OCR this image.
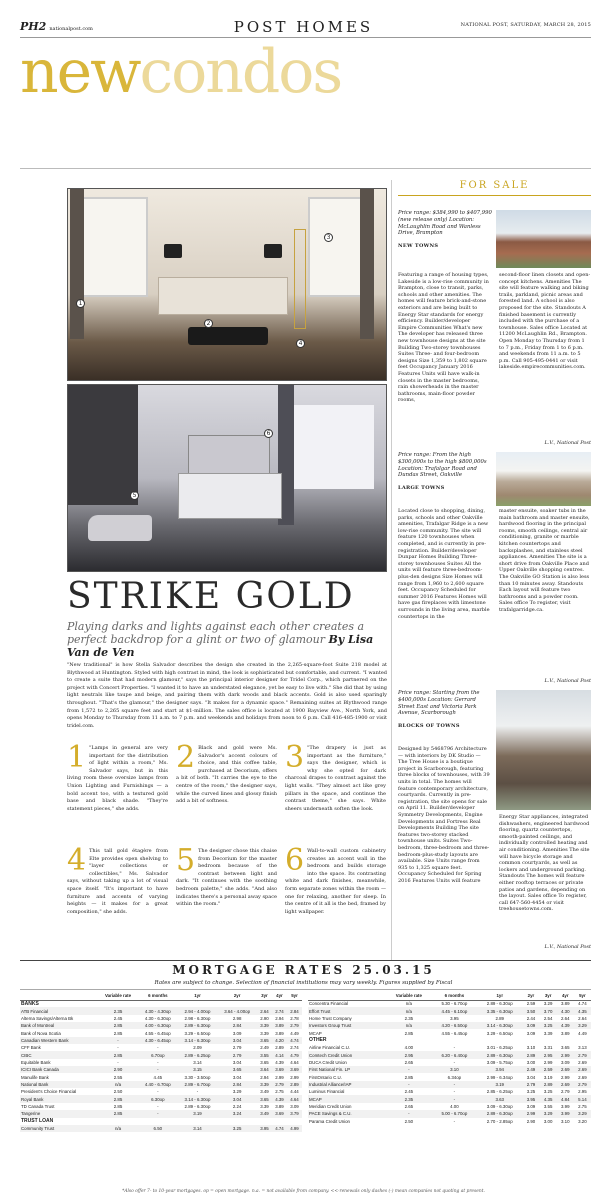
PH2 nationalpost.com	POST HOMES	NATIONAL POST, SATURDAY, MARCH 28, 2015
newcondos
FOR SALE
1
2
3
4
5
6
STRIKE GOLD
Playing darks and lights against each other creates a perfect backdrop for a glint or two of glamour By Lisa Van de Ven

"New traditional" is how Stella Salvador describes the design she created in the 2,265-square-foot Suite 218 model at Blythwood at Huntington. Styled with high contrast in mind, the look is sophisticated but comfortable, and current. "I wanted to create a suite that had modern glamour," says the principal interior designer for Tridel Corp., which partnered on the project with Concert Properties. "I wanted it to have an understated elegance, yet be easy to live with." She did that by using light neutrals like taupe and beige, and pairing them with dark woods and black accents. Gold is also used sparingly throughout. "That's the glamour," the designer says. "It makes for a dynamic space." Remaining suites at Blythwood range from 1,572 to 2,265 square feet and start at $1-million. The sales office is located at 1900 Bayview Ave., North York, and opens Monday to Thursday from 11 a.m. to 7 p.m. and weekends and holidays from noon to 6 p.m. Call 416-485-1900 or visit tridel.com.

1 "Lamps in general are very important for the distribution of light within a room," Ms. Salvador says, but in this living room these oversize lamps from Union Lighting and Furnishings — a bold accent too, with a textured gold base and black shade. "They're statement pieces," she adds.
2 Black and gold were Ms. Salvador's accent colours of choice, and this coffee table, purchased at Decorium, offers a bit of both. "It carries the eye to the centre of the room," the designer says, while the curved lines and glossy finish add a bit of softness.
3 "The drapery is just as important as the furniture," says the designer, which is why she opted for dark charcoal drapes to contrast against the light walls. "They almost act like grey pillars in the space, and continue the contrast theme," she says. White sheers underneath soften the look.
4 This tall gold étagère from Elte provides open shelving to "layer collections or collectibles," Ms. Salvador says, without taking up a lot of visual space itself. "It's important to have furniture and accents of varying heights — it makes for a great composition," she adds.
5 The designer chose this chaise from Decorium for the master bedroom because of the contrast between light and dark. "It continues with the soothing bedroom palette," she adds. "And also indicates there's a personal away space within the room."
6 Wall-to-wall custom cabinetry creates an accent wall in the bedroom and builds storage into the space. Its contrasting white and dark finishes, meanwhile, form separate zones within the room — one for relaxing, another for sleep. In the centre of it all is the bed, framed by light wallpaper.
Price range: $384,990 to $407,990 (new release only) Location: McLaughlin Road and Wanless Drive, Brampton
NEW TOWNS
Featuring a range of housing types, Lakeside is a low-rise community in Brampton, close to transit, parks, schools and other amenities. The homes will feature brick-and-stone exteriors and are being built to Energy Star standards for energy efficiency. Builder/developer Empire Communities What's new The developer has released three new townhouse designs at the site Building Two-storey townhouses Suites Three- and four-bedroom designs Size 1,359 to 1,802 square feet Occupancy January 2016 Features Units will have walk-in closets in the master bedrooms, rain showerheads in the master bathrooms, main-floor powder rooms,
second-floor linen closets and open-concept kitchens. Amenities The site will feature walking and biking trails, parkland, picnic areas and forested land. A school is also proposed for the site. Standouts A finished basement is currently included with the purchase of a townhouse. Sales office Located at 11200 McLaughlin Rd., Brampton. Open Monday to Thursday from 1 to 7 p.m., Friday from 1 to 6 p.m. and weekends from 11 a.m. to 5 p.m. Call 905-495-0441 or visit lakeside.empirecommunities.com.
L.V., National Post
Price range: From the high $300,000s to the high $800,000s Location: Trafalgar Road and Dundas Street, Oakville
LARGE TOWNS
Located close to shopping, dining, parks, schools and other Oakville amenities, Trafalgar Ridge is a new low-rise community. The site will feature 120 townhouses when completed, and is currently in pre-registration. Builder/developer Dunpar Homes Building Three-storey townhouses Suites All the units will feature three-bedroom-plus-den designs Size Homes will range from 1,960 to 2,600 square feet. Occupancy Scheduled for summer 2016 Features Homes will have gas fireplaces with limestone surrounds in the living area, marble countertops in the
master ensuite, soaker tubs in the main bathroom and master ensuite, hardwood flooring in the principal rooms, smooth ceilings, central air conditioning, granite or marble kitchen countertops and backsplashes, and stainless steel appliances. Amenities The site is a short drive from Oakville Place and Upper Oakville shopping centres. The Oakville GO Station is also less than 10 minutes away. Standouts Each layout will feature two bathrooms and a powder room. Sales office To register, visit trafalgarridge.ca.
L.V., National Post
Price range: Starting from the $400,000s Location: Gerrard Street East and Victoria Park Avenue, Scarborough
BLOCKS OF TOWNS
Designed by 5468796 Architecture — with interiors by DK Studio — The Tree House is a boutique project in Scarborough, featuring three blocks of townhouses, with 39 units in total. The homes will feature contemporary architecture, courtyards. Currently in pre-registration, the site opens for sale on April 11. Builder/developer Symmetry Developments, Engine Developments and Fortress Real Developments Building The site features two-storey stacked townhouse units. Suites Two-bedroom, three-bedroom and three-bedroom-plus-study layouts are available. Size Units range from 935 to 1,325 square feet. Occupancy Scheduled for Spring 2016 Features Units will feature
Energy Star appliances, integrated dishwashers, engineered hardwood flooring, quartz countertops, smooth-painted ceilings, and individually controlled heating and air conditioning. Amenities The site will have bicycle storage and common courtyards, as well as lockers and underground parking. Standouts The homes will feature either rooftop terraces or private patios and gardens, depending on the layout. Sales office To register, call 647-560-4454 or visit treehousetowns.com.
L.V., National Post
MORTGAGE RATES 25.03.15
Rates are subject to change. Selection of financial institutions may vary weekly. Figures supplied by Fiscal
	Variable rate	6 months	1yr	2yr	3yr	4yr	5yr
BANKS							
ATB Financial	2.35	4.30 - 4.30op	2.94 - 4.00op	3.64 - 4.00op	2.64	2.74	2.84
Alterna Savings/Alterna Bk	2.45	4.30 - 6.30op	2.98 - 6.30op	2.98	2.90	2.94	2.78
Bank of Montreal	2.85	4.00 - 6.30op	2.89 - 6.30op	2.84	3.39	3.89	2.79
Bank of Nova Scotia	2.85	4.55 - 6.45op	3.29 - 6.50op	3.09	3.39	3.89	4.49
Canadian Western Bank	-	4.30 - 6.45op	3.14 - 6.30op	3.04	3.65	4.20	4.74
CFF Bank	-	-	2.09	2.79	2.49	2.89	2.74
CIBC	2.85	6.70op	2.89 - 6.25op	2.79	3.55	4.14	4.79
Equitable Bank	-	-	3.14	3.04	3.65	4.39	4.64
ICICI Bank Canada	2.90	-	3.15	3.65	3.64	3.69	3.69
Manulife Bank	2.55	4.45	3.30 - 3.50op	3.04	2.94	2.99	2.99
National Bank	n/a	4.40 - 6.70op	2.89 - 6.70op	2.84	3.39	2.79	2.89
President's Choice Financial	2.50	-	-	3.29	3.49	2.75	4.44
Royal Bank	2.85	6.30op	3.14 - 6.30op	3.04	3.65	4.39	4.64
TD Canada Trust	2.85	-	2.89 - 6.30op	2.24	3.39	3.89	3.09
Tangerine	2.85	-	3.19	3.24	3.49	3.69	3.79
TRUST LOAN							
Community Trust	n/a	6.50	3.14	3.25	3.95	4.74	4.99
	Variable rate	6 months	1yr	2yr	3yr	4yr	5yr
Concentra Financial	n/a	5.30 - 6.70op	2.89 - 6.30op	2.59	3.29	3.89	4.74
Effort Trust	n/a	4.45 - 6.10op	3.35 - 6.30op	3.50	3.70	4.30	4.35
Home Trust Company	2.35	3.95	2.89	2.44	2.54	2.64	2.64
Investors Group Trust	n/a	4.20 - 6.50op	3.14 - 6.30op	3.09	3.25	4.39	3.29
MCAP	2.85	4.55 - 6.45op	3.29 - 6.50op	3.09	3.39	3.89	4.49
OTHER							
Airline Financial C.U.	4.00	-	3.01 - 6.25op	3.10	3.31	3.65	3.13
Comtech Credit Union	2.95	6.20 - 6.40op	2.89 - 6.30op	2.89	2.95	2.99	2.79
DUCA Credit Union	2.65	-	3.09 - 5.75op	3.00	2.99	3.09	2.69
First National Fin. LP	-	3.10	3.94	2.49	2.59	2.69	2.69
FirstOntario C.U.	2.85	6.34op	2.99 - 6.34op	3.04	3.19	2.99	2.69
Industrial Alliance/IAP	-	-	3.19	2.79	2.89	2.69	2.79
Luminus Financial	2.45	-	2.85 - 6.25op	3.25	3.25	2.79	2.95
MCAP	2.35	-	3.63	3.95	4.35	4.84	5.14
Meridian Credit Union	2.65	4.00	3.09 - 6.30op	3.09	3.55	3.99	2.75
PACE Savings & C.U.	-	5.00 - 6.70op	2.89 - 6.30op	2.99	3.29	3.99	3.29
Parama Credit Union	2.50	-	2.70 - 2.85op	2.90	3.00	3.10	3.20
*Also offer 7- to 10-year mortgages. op = open mortgage. n.a. = not available from company. <<-renewals only dashes (-) mean companies not quoting at present.
